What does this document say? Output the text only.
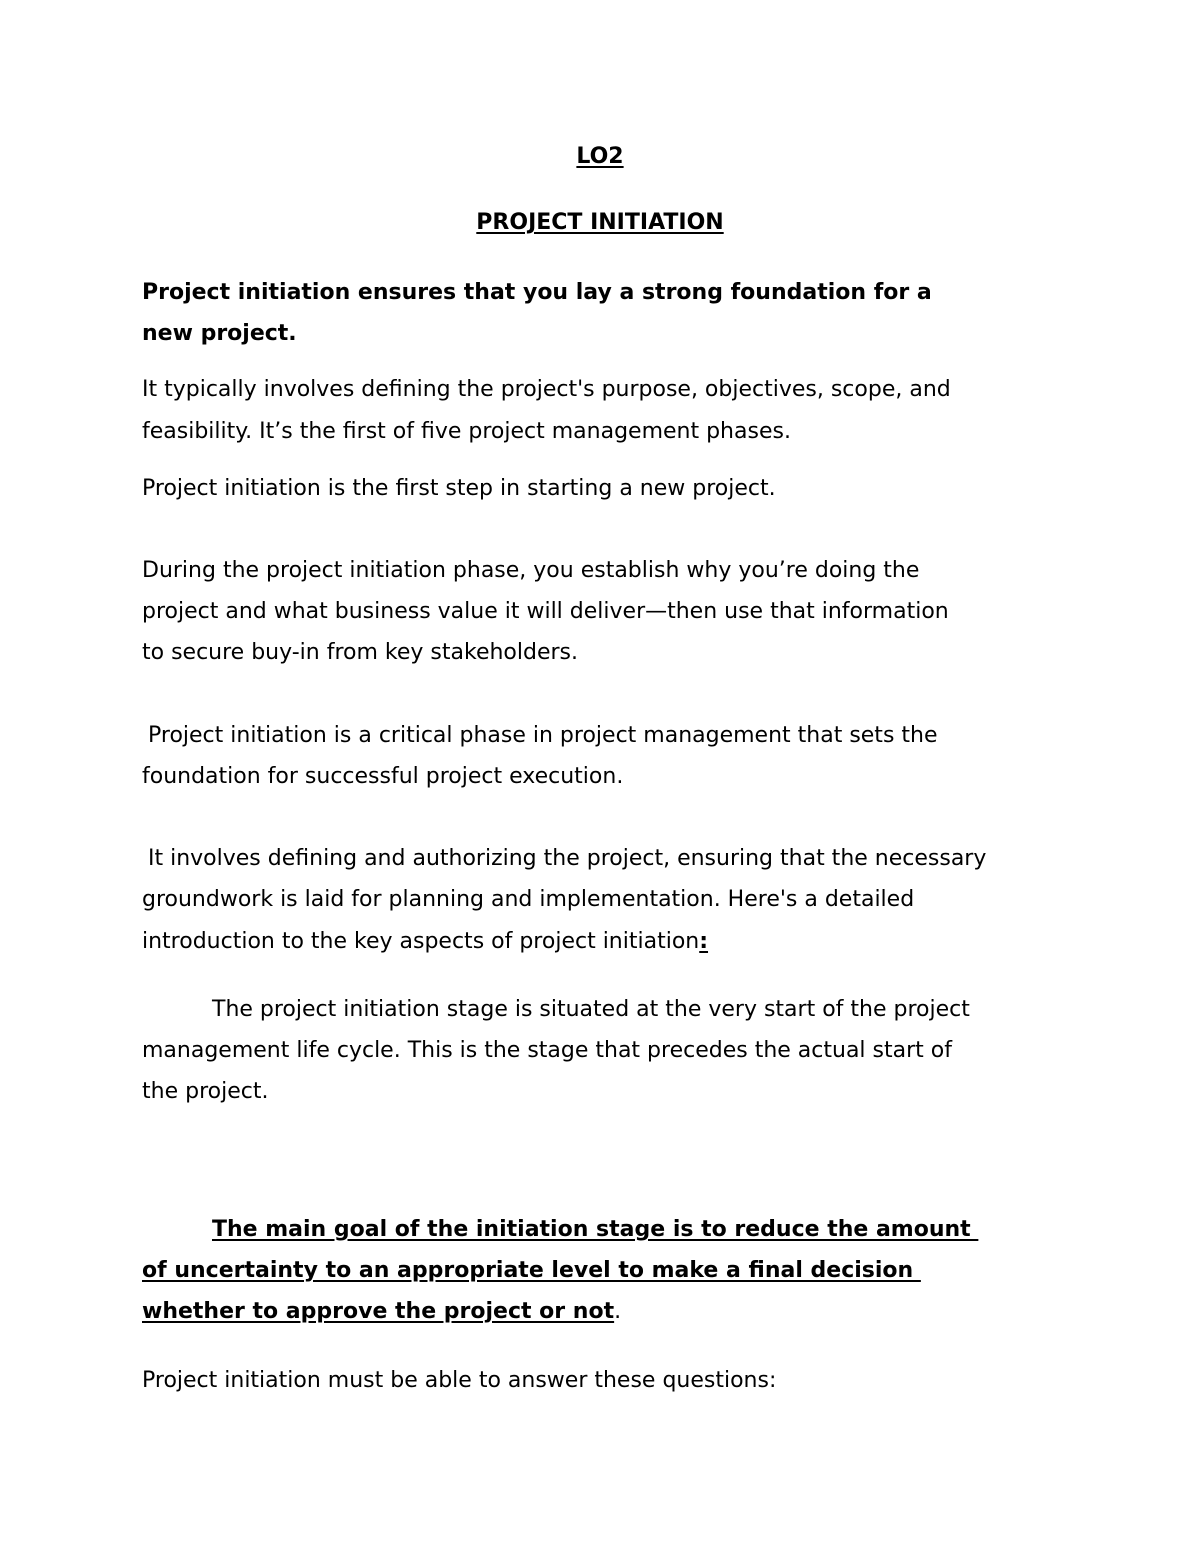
LO2

PROJECT INITIATION

Project initiation ensures that you lay a strong foundation for a

new project.

It typically involves defining the project's purpose, objectives, scope, and

feasibility. It’s the first of five project management phases.

Project initiation is the first step in starting a new project.

During the project initiation phase, you establish why you’re doing the

project and what business value it will deliver—then use that information

to secure buy-in from key stakeholders.

Project initiation is a critical phase in project management that sets the

foundation for successful project execution.

It involves defining and authorizing the project, ensuring that the necessary

groundwork is laid for planning and implementation. Here's a detailed

introduction to the key aspects of project initiation:

The project initiation stage is situated at the very start of the project

management life cycle. This is the stage that precedes the actual start of

the project.

The main goal of the initiation stage is to reduce the amount

of uncertainty to an appropriate level to make a final decision

whether to approve the project or not.

Project initiation must be able to answer these questions:
